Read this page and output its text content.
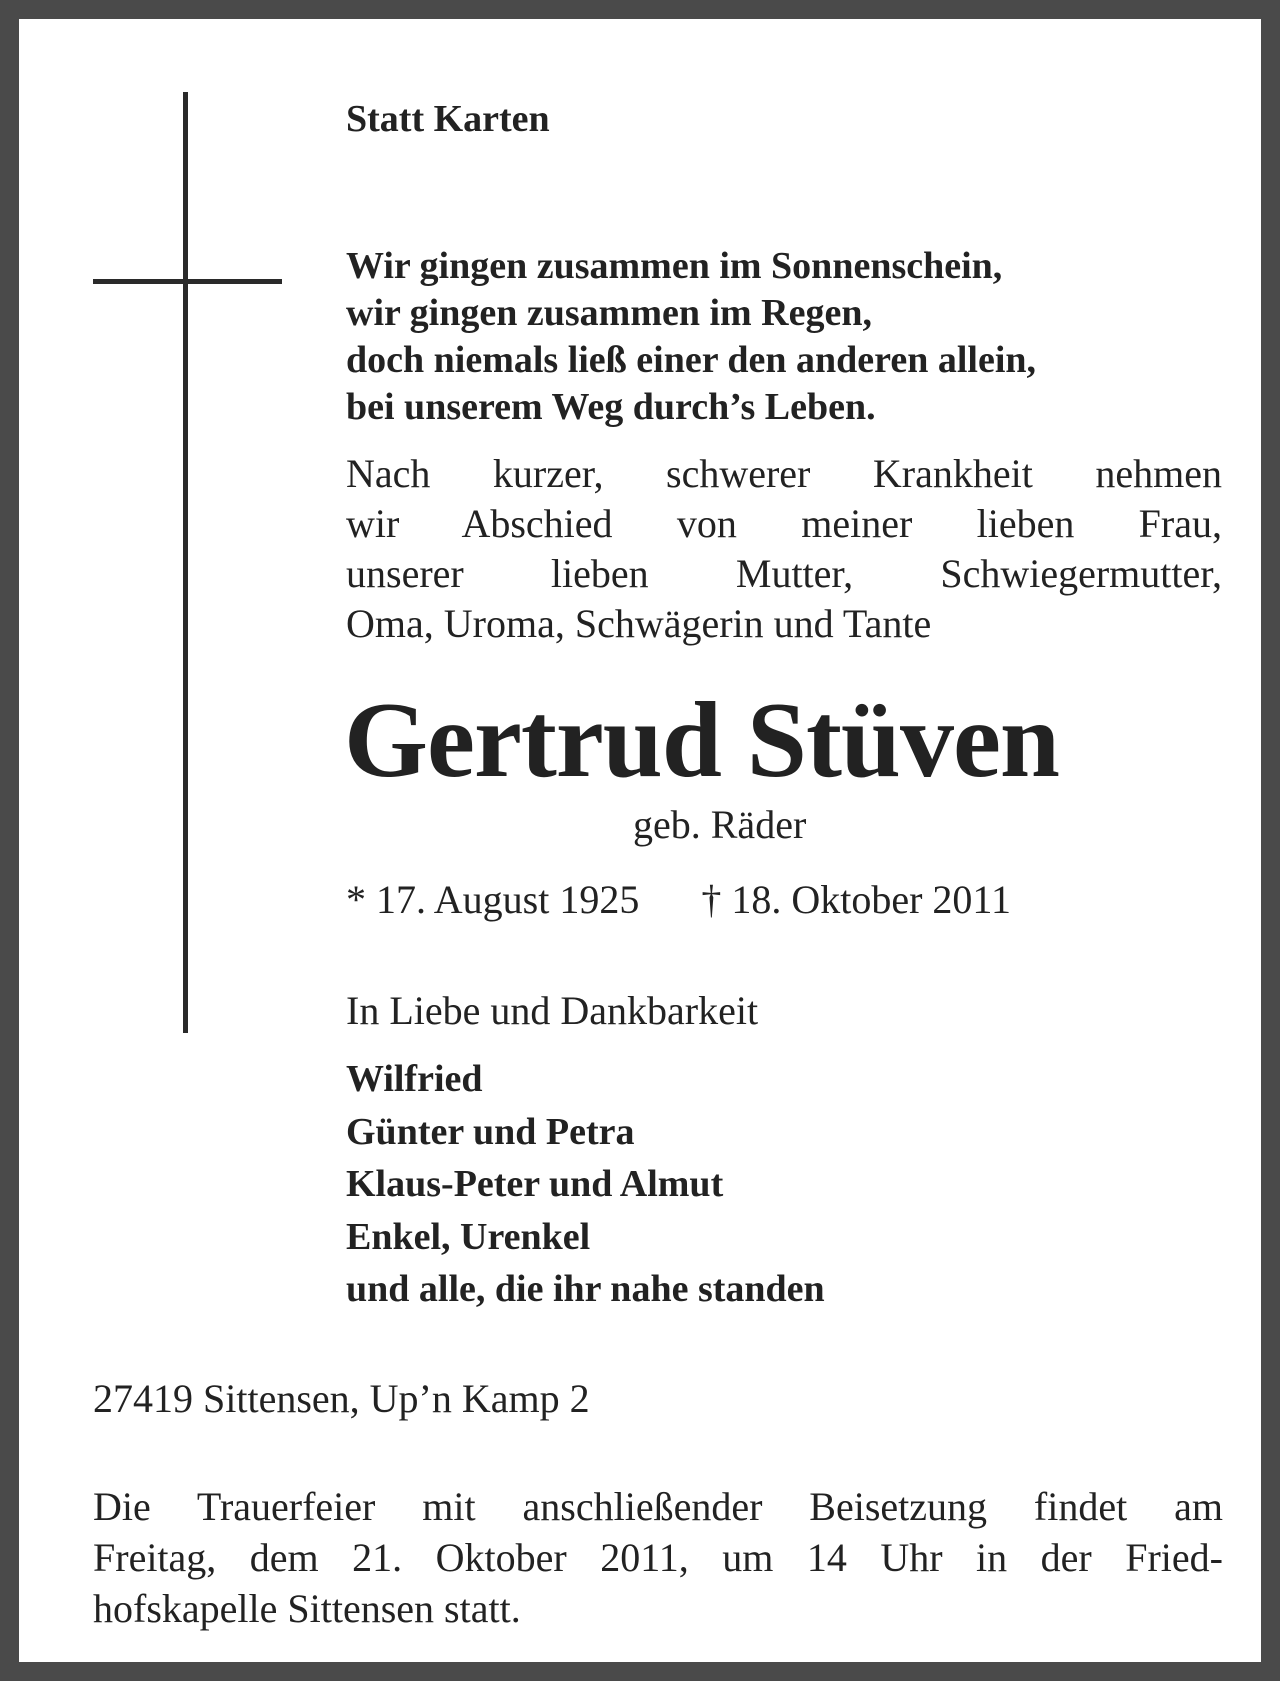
Statt Karten

Wir gingen zusammen im Sonnenschein,
wir gingen zusammen im Regen,
doch niemals ließ einer den anderen allein,
bei unserem Weg durch’s Leben.
Nach kurzer, schwerer Krankheit nehmen
wir Abschied von meiner lieben Frau,
unserer lieben Mutter, Schwiegermutter,
Oma, Uroma, Schwägerin und Tante

Gertrud Stüven

geb. Räder

* 17. August 1925 † 18. Oktober 2011

In Liebe und Dankbarkeit

Wilfried
Günter und Petra
Klaus-Peter und Almut
Enkel, Urenkel
und alle, die ihr nahe standen

27419 Sittensen, Up’n Kamp 2

Die Trauerfeier mit anschließender Beisetzung findet am
Freitag, dem 21. Oktober 2011, um 14 Uhr in der Fried-
hofskapelle Sittensen statt.
